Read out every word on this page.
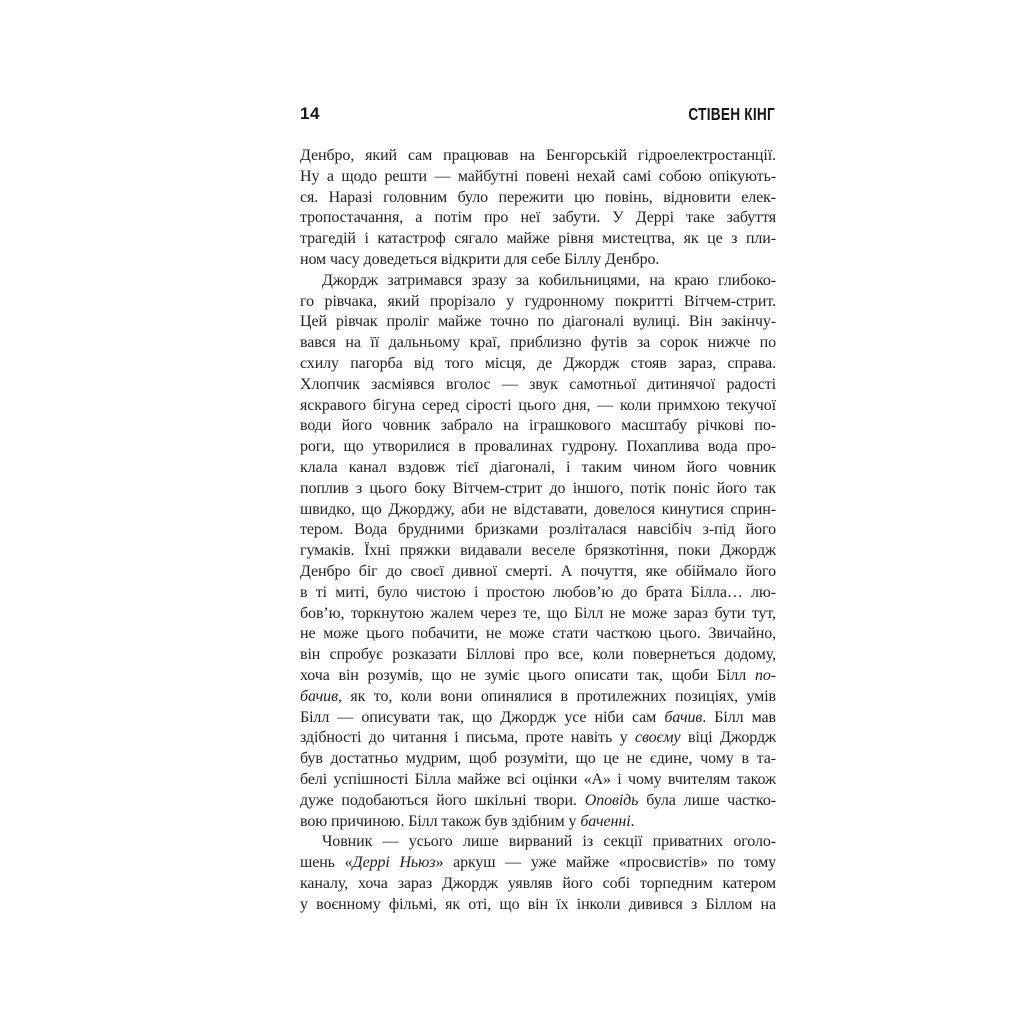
14	СТІВЕН КІНГ
Денбро, який сам працював на Бенгорській гідроелектростанції.
Ну а щодо решти — майбутні повені нехай самі собою опікують-
ся. Наразі головним було пережити цю повінь, відновити елек-
тропостачання, а потім про неї забути. У Деррі таке забуття
трагедій і катастроф сягало майже рівня мистецтва, як це з пли-
ном часу доведеться відкрити для себе Біллу Денбро.
Джордж затримався зразу за кобильницями, на краю глибоко-
го рівчака, який прорізало у гудронному покритті Вітчем-стрит.
Цей рівчак проліг майже точно по діагоналі вулиці. Він закінчу-
вався на її дальньому краї, приблизно футів за сорок нижче по
схилу пагорба від того місця, де Джордж стояв зараз, справа.
Хлопчик засміявся вголос — звук самотньої дитинячої радості
яскравого бігуна серед сірості цього дня, — коли примхою текучої
води його човник забрало на іграшкового масштабу річкові по-
роги, що утворилися в провалинах гудрону. Похаплива вода про-
клала канал вздовж тієї діагоналі, і таким чином його човник
поплив з цього боку Вітчем-стрит до іншого, потік поніс його так
швидко, що Джорджу, аби не відставати, довелося кинутися сприн-
тером. Вода брудними бризками розліталася навсібіч з-під його
гумаків. Їхні пряжки видавали веселе брязкотіння, поки Джордж
Денбро біг до своєї дивної смерті. А почуття, яке обіймало його
в ті миті, було чистою і простою любов’ю до брата Білла… лю-
бов’ю, торкнутою жалем через те, що Білл не може зараз бути тут,
не може цього побачити, не може стати часткою цього. Звичайно,
він спробує розказати Біллові про все, коли повернеться додому,
хоча він розумів, що не зуміє цього описати так, щоби Білл по-
бачив, як то, коли вони опинялися в протилежних позиціях, умів
Білл — описувати так, що Джордж усе ніби сам бачив. Білл мав
здібності до читання і письма, проте навіть у своєму віці Джордж
був достатньо мудрим, щоб розуміти, що це не єдине, чому в та-
белі успішності Білла майже всі оцінки «А» і чому вчителям також
дуже подобаються його шкільні твори. Оповідь була лише частко-
вою причиною. Білл також був здібним у баченні.
Човник — усього лише вирваний із секції приватних оголо-
шень «Деррі Ньюз» аркуш — уже майже «просвистів» по тому
каналу, хоча зараз Джордж уявляв його собі торпедним катером
у воєнному фільмі, як оті, що він їх інколи дивився з Біллом на
